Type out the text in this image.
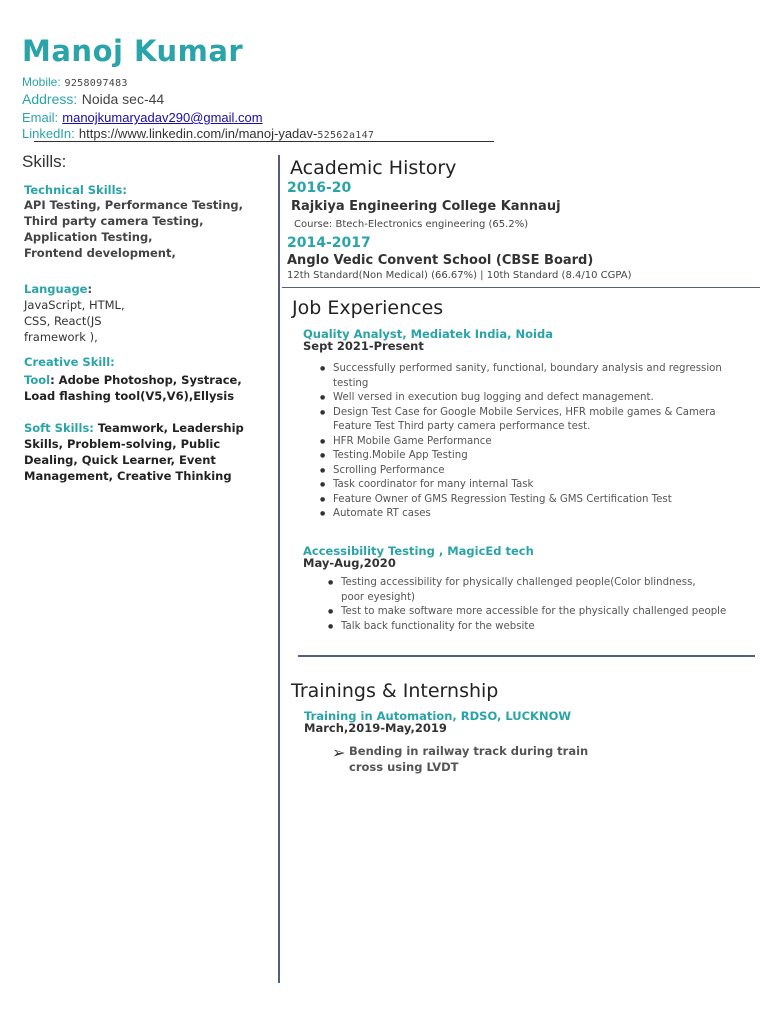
Manoj Kumar
Mobile: 9258097483
Address: Noida sec-44
Email: manojkumaryadav290@gmail.com
LinkedIn: https://www.linkedin.com/in/manoj-yadav-52562a147
Skills:
Technical Skills:
API Testing, Performance Testing,
Third party camera Testing,
Application Testing,
Frontend development,
Language:
JavaScript, HTML,
CSS, React(JS
framework ),
Creative Skill:
Tool: Adobe Photoshop, Systrace,
Load flashing tool(V5,V6),Ellysis
Soft Skills: Teamwork, Leadership
Skills, Problem-solving, Public
Dealing, Quick Learner, Event
Management, Creative Thinking
Academic History
2016-20
Rajkiya Engineering College Kannauj
Course: Btech-Electronics engineering (65.2%)
2014-2017
Anglo Vedic Convent School (CBSE Board)
12th Standard(Non Medical) (66.67%) | 10th Standard (8.4/10 CGPA)
Job Experiences
Quality Analyst, Mediatek India, Noida
Sept 2021-Present
● Successfully performed sanity, functional, boundary analysis and regression testing
● Well versed in execution bug logging and defect management.
● Design Test Case for Google Mobile Services, HFR mobile games & Camera Feature Test Third party camera performance test.
● HFR Mobile Game Performance
● Testing.Mobile App Testing
● Scrolling Performance
● Task coordinator for many internal Task
● Feature Owner of GMS Regression Testing & GMS Certification Test
● Automate RT cases
Accessibility Testing , MagicEd tech
May-Aug,2020
● Testing accessibility for physically challenged people(Color blindness, poor eyesight)
● Test to make software more accessible for the physically challenged people
● Talk back functionality for the website
Trainings & Internship
Training in Automation, RDSO, LUCKNOW
March,2019-May,2019
➢ Bending in railway track during train
cross using LVDT
